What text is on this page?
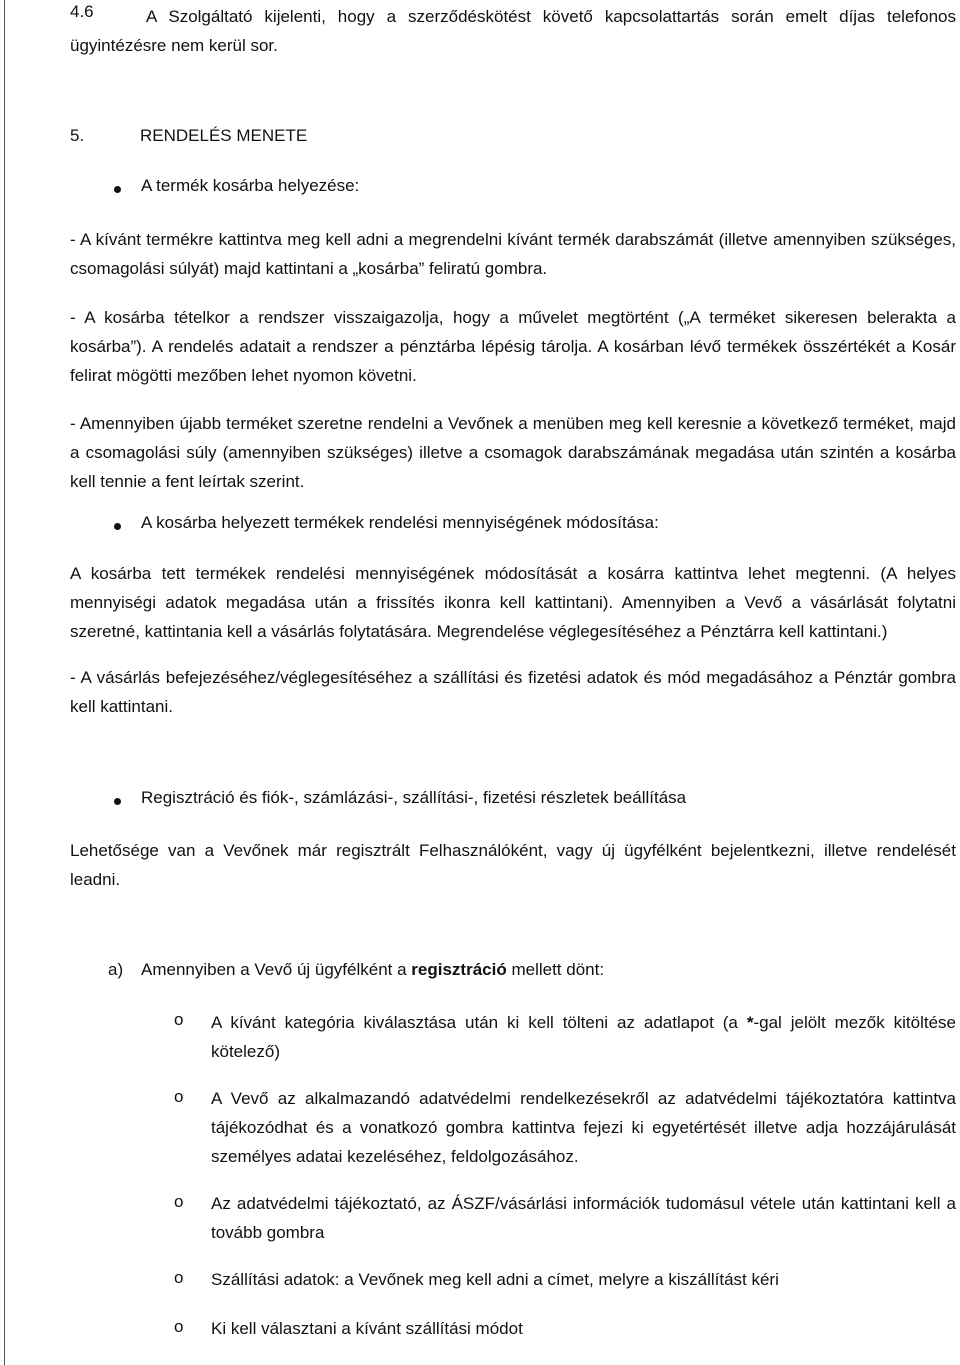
4.6	A Szolgáltató kijelenti, hogy a szerződéskötést követő kapcsolattartás során emelt díjas telefonos ügyintézésre nem kerül sor.

5.	RENDELÉS MENETE
A termék kosárba helyezése:

- A kívánt termékre kattintva meg kell adni a megrendelni kívánt termék darabszámát (illetve amennyiben szükséges, csomagolási súlyát) majd kattintani a „kosárba” feliratú gombra.

- A kosárba tételkor a rendszer visszaigazolja, hogy a művelet megtörtént („A terméket sikeresen belerakta a kosárba”). A rendelés adatait a rendszer a pénztárba lépésig tárolja. A kosárban lévő termékek összértékét a Kosár felirat mögötti mezőben lehet nyomon követni.

- Amennyiben újabb terméket szeretne rendelni a Vevőnek a menüben meg kell keresnie a következő terméket, majd a csomagolási súly (amennyiben szükséges) illetve a csomagok darabszámának megadása után szintén a kosárba kell tennie a fent leírtak szerint.

A kosárba helyezett termékek rendelési mennyiségének módosítása:

A kosárba tett termékek rendelési mennyiségének módosítását a kosárra kattintva lehet megtenni. (A helyes mennyiségi adatok megadása után a frissítés ikonra kell kattintani). Amennyiben a Vevő a vásárlását folytatni szeretné, kattintania kell a vásárlás folytatására. Megrendelése véglegesítéséhez a Pénztárra kell kattintani.)

- A vásárlás befejezéséhez/véglegesítéséhez a szállítási és fizetési adatok és mód megadásához a Pénztár gombra kell kattintani.

Regisztráció és fiók-, számlázási-, szállítási-, fizetési részletek beállítása

Lehetősége van a Vevőnek már regisztrált Felhasználóként, vagy új ügyfélként bejelentkezni, illetve rendelését leadni.

a) Amennyiben a Vevő új ügyfélként a regisztráció mellett dönt:
o A kívánt kategória kiválasztása után ki kell tölteni az adatlapot (a *-gal jelölt mezők kitöltése kötelező)

o A Vevő az alkalmazandó adatvédelmi rendelkezésekről az adatvédelmi tájékoztatóra kattintva tájékozódhat és a vonatkozó gombra kattintva fejezi ki egyetértését illetve adja hozzájárulását személyes adatai kezeléséhez, feldolgozásához.

o Az adatvédelmi tájékoztató, az ÁSZF/vásárlási információk tudomásul vétele után kattintani kell a tovább gombra

o Szállítási adatok: a Vevőnek meg kell adni a címet, melyre a kiszállítást kéri

o Ki kell választani a kívánt szállítási módot
